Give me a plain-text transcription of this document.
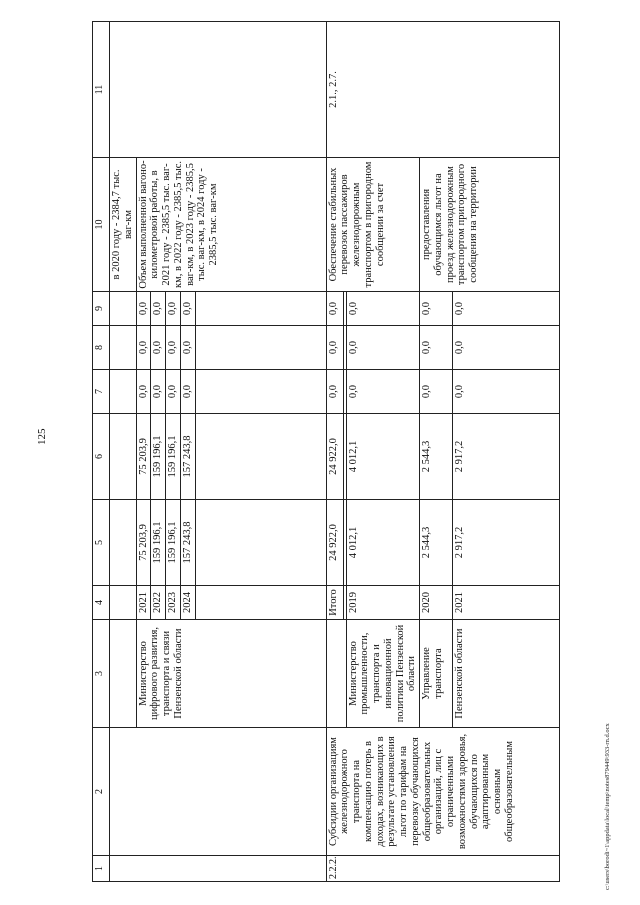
125
1	2	3	4	5	6	7	8	9	10	11
									в 2020 году - 2384,7 тыс. ваг-км	
		Министерство цифрового развития, транспорта и связи Пензенской области	2021	75 203,9	75 203,9	0,0	0,0	0,0	Объем выполненной вагоно-километровой работы, в 2021 году - 2385,5 тыс. ваг-км, в 2022 году - 2385,5 тыс. ваг-км, в 2023 году - 2385,5 тыс. ваг-км, в 2024 году - 2385,5 тыс. ваг-км	
			2022	159 196,1	159 196,1	0,0	0,0	0,0		
			2023	159 196,1	159 196,1	0,0	0,0	0,0		
			2024	157 243,8	157 243,8	0,0	0,0	0,0		

2.2.2.	Субсидии организациям железнодорожного транспорта на компенсацию потерь в доходах, возникающих в результате установления льгот по тарифам на перевозку обучающихся общеобразовательных организаций, лиц с ограниченными возможностями здоровья, обучающихся по адаптированным основным общеобразовательным		Итого	24 922,0	24 922,0	0,0	0,0	0,0	Обеспечение стабильных перевозок пассажиров железнодорожным транспортом в пригородном сообщении за счет	2.1., 2.7.

		Министерство промышленности, транспорта и инновационной политики Пензенской области	2019	4 012,1	4 012,1	0,0	0,0	0,0		
		Управление транспорта	2020	2 544,3	2 544,3	0,0	0,0	0,0	предоставления обучающимся льгот на проезд железнодорожным транспортом пригородного сообщения на территории	
		Пензенской области	2021	2 917,2	2 917,2	0,0	0,0	0,0		
c:\users\borodi~1\appdata\local\temp\notes879449\933-rn.d.ocx
